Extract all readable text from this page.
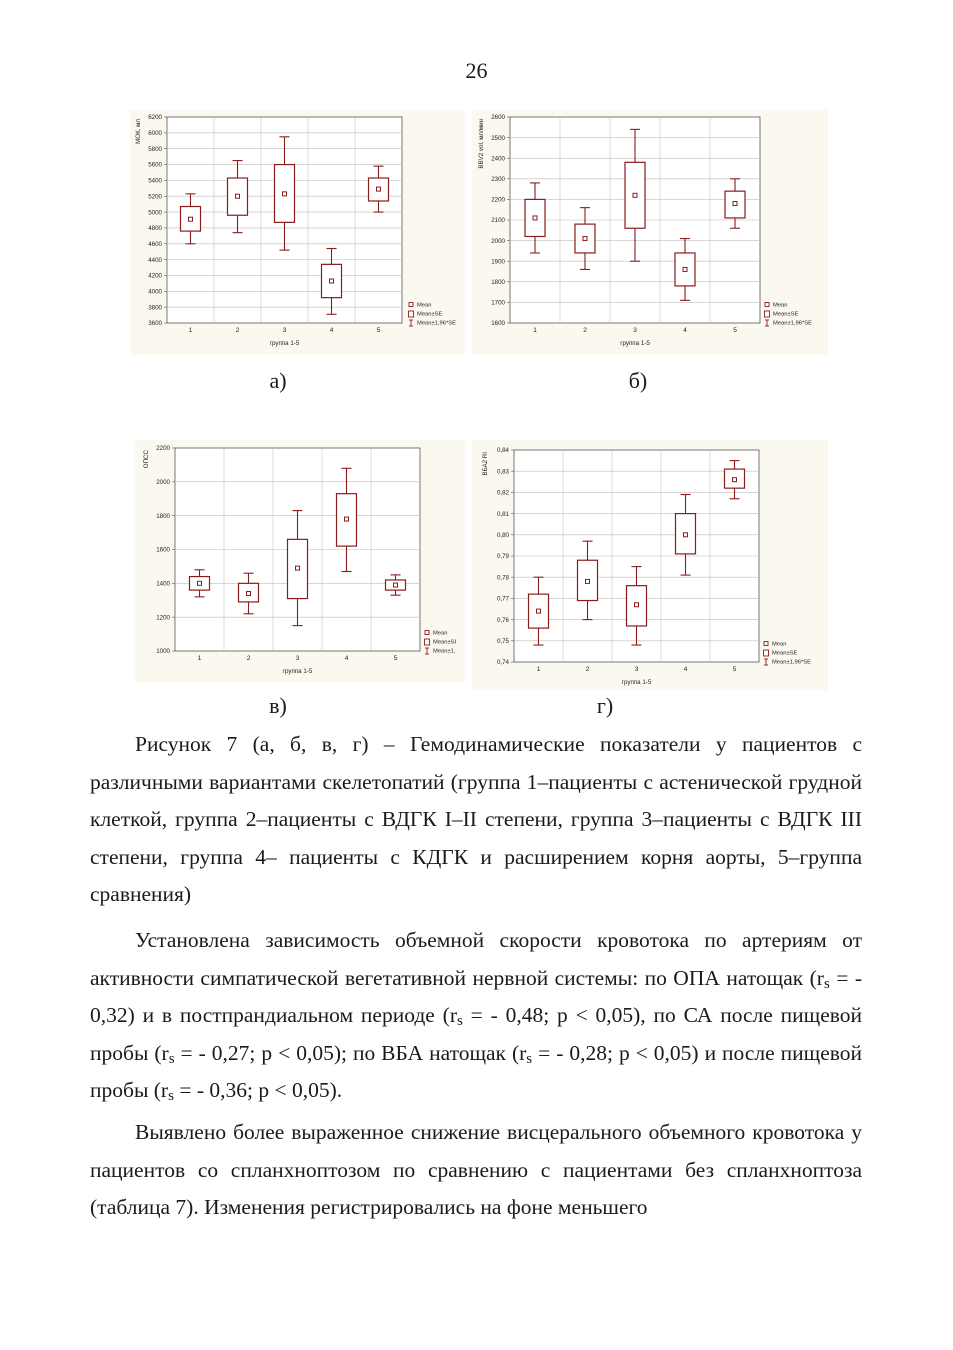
26
3600
3800
4000
4200
4400
4600
4800
5000
5200
5400
5600
5800
6000
6200
1	2	3	4	5
группа 1-5
МОК, мл
Mean
Mean±SE
Mean±1,96*SE	1600
1700
1800
1900
2000
2100
2200
2300
2400
2500
2600
1	2	3	4	5
группа 1-5
BBV2 vol, мл/мин
Mean
Mean±SE
Mean±1,96*SE
1000
1200
1400
1600
1800
2000
2200
1	2	3	4	5
группа 1-5
ОПСС
Mean
Mean±SI
Mean±1,
0,74
0,75
0,76
0,77
0,78
0,79
0,80
0,81
0,82
0,83
0,84
1	2	3	4	5
группа 1-5
ВБА2 RI
Mean
Mean±SE
Mean±1,96*SE
а)	б)
в)	г)
Рисунок 7 (а, б, в, г) – Гемодинамические показатели у пациентов с различными вариантами скелетопатий (группа 1–пациенты с астенической грудной клеткой, группа 2–пациенты с ВДГК I–II степени, группа 3–пациенты с ВДГК III степени, группа 4– пациенты с КДГК и расширением корня аорты, 5–группа сравнения)
Установлена зависимость объемной скорости кровотока по артериям от активности симпатической вегетативной нервной системы: по ОПА натощак ($r_s$ = - 0,32) и в постпрандиальном периоде ($r_s$ = - 0,48; p < 0,05), по СА после пищевой пробы ($r_s$ = - 0,27; p < 0,05); по ВБА натощак ($r_s$ = - 0,28; p < 0,05) и после пищевой пробы ($r_s$ = - 0,36; p < 0,05).
Выявлено более выраженное снижение висцерального объемного кровотока у пациентов со спланхноптозом по сравнению с пациентами без спланхноптоза (таблица 7). Изменения регистрировались на фоне меньшего
